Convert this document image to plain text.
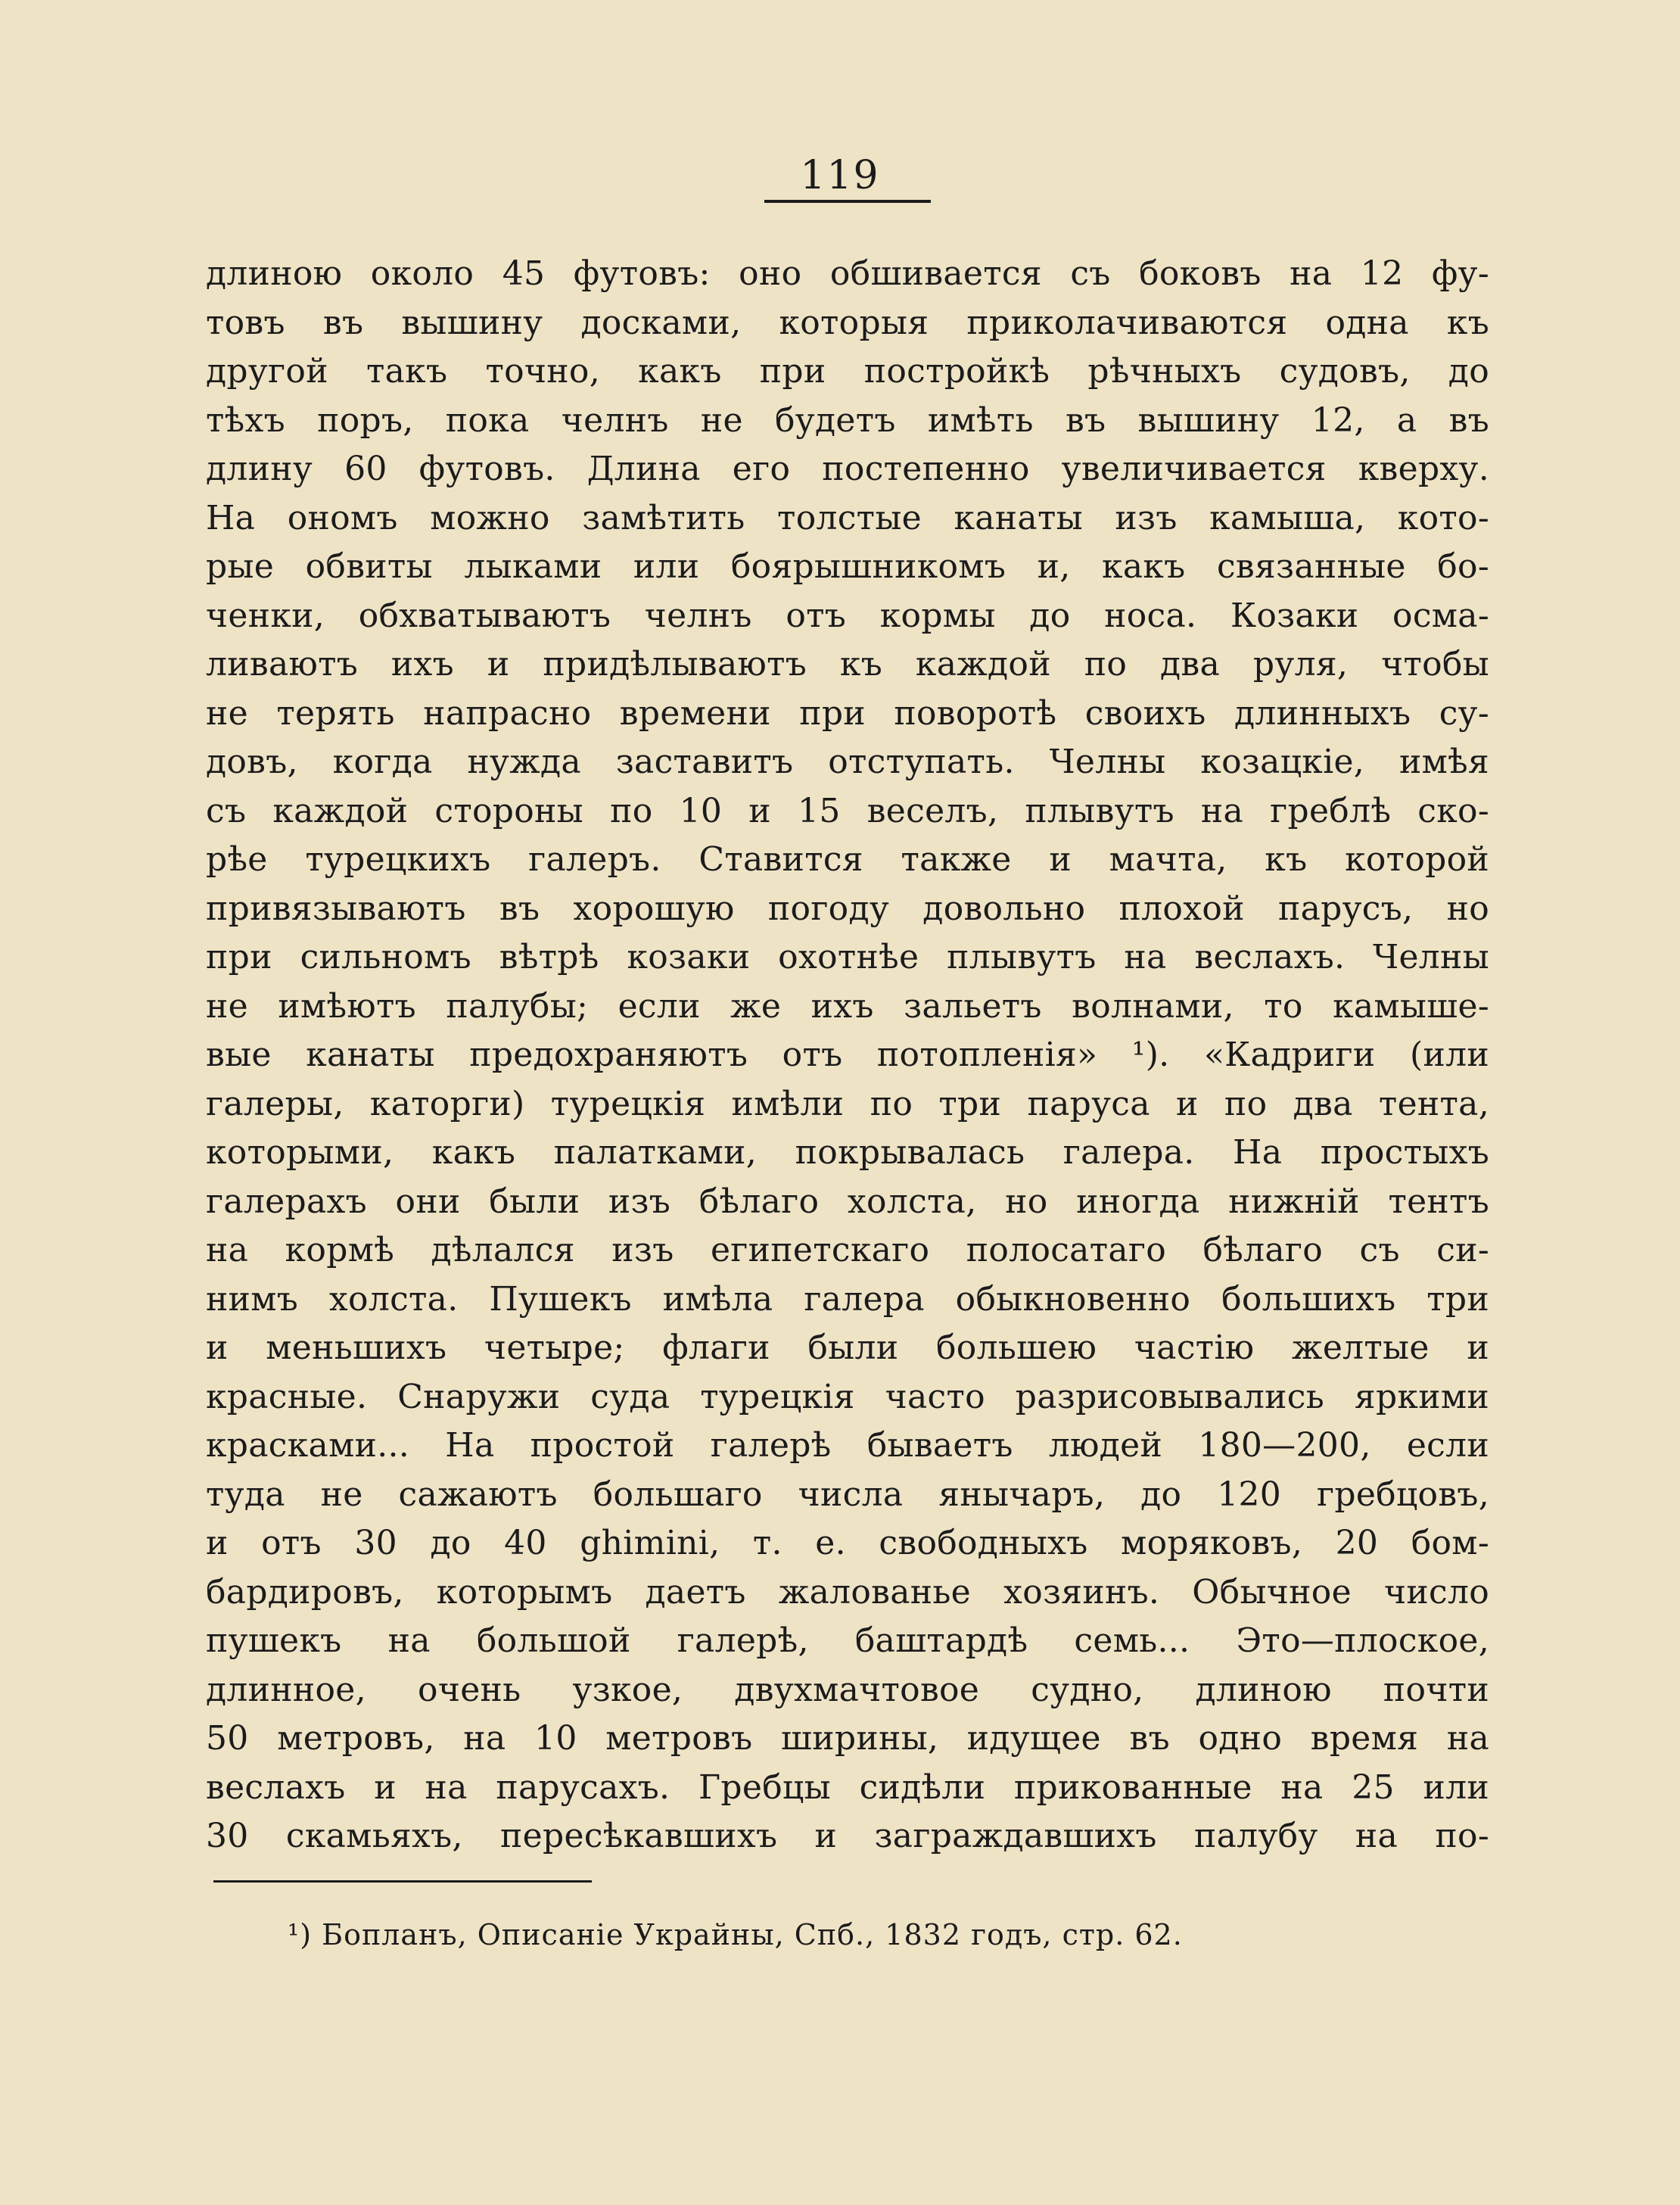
119
длиною около 45 футовъ: оно обшивается съ боковъ на 12 фу-
товъ въ вышину досками, которыя приколачиваются одна къ
другой такъ точно, какъ при постройкѣ рѣчныхъ судовъ, до
тѣхъ поръ, пока челнъ не будетъ имѣть въ вышину 12, а въ
длину 60 футовъ. Длина его постепенно увеличивается кверху.
На ономъ можно замѣтить толстые канаты изъ камыша, кото-
рые обвиты лыками или боярышникомъ и, какъ связанные бо-
ченки, обхватываютъ челнъ отъ кормы до носа. Козаки осма-
ливаютъ ихъ и придѣлываютъ къ каждой по два руля, чтобы
не терять напрасно времени при поворотѣ своихъ длинныхъ су-
довъ, когда нужда заставитъ отступать. Челны козацкіе, имѣя
съ каждой стороны по 10 и 15 веселъ, плывутъ на греблѣ ско-
рѣе турецкихъ галеръ. Ставится также и мачта, къ которой
привязываютъ въ хорошую погоду довольно плохой парусъ, но
при сильномъ вѣтрѣ козаки охотнѣе плывутъ на веслахъ. Челны
не имѣютъ палубы; если же ихъ зальетъ волнами, то камыше-
вые канаты предохраняютъ отъ потопленія» ¹). «Кадриги (или
галеры, каторги) турецкія имѣли по три паруса и по два тента,
которыми, какъ палатками, покрывалась галера. На простыхъ
галерахъ они были изъ бѣлаго холста, но иногда нижній тентъ
на кормѣ дѣлался изъ египетскаго полосатаго бѣлаго съ си-
нимъ холста. Пушекъ имѣла галера обыкновенно большихъ три
и меньшихъ четыре; флаги были большею частію желтые и
красные. Снаружи суда турецкія часто разрисовывались яркими
красками... На простой галерѣ бываетъ людей 180—200, если
туда не сажаютъ большаго числа янычаръ, до 120 гребцовъ,
и отъ 30 до 40 ghimini, т. е. свободныхъ моряковъ, 20 бом-
бардировъ, которымъ даетъ жалованье хозяинъ. Обычное число
пушекъ на большой галерѣ, баштардѣ семь... Это—плоское,
длинное, очень узкое, двухмачтовое судно, длиною почти
50 метровъ, на 10 метровъ ширины, идущее въ одно время на
веслахъ и на парусахъ. Гребцы сидѣли прикованные на 25 или
30 скамьяхъ, пересѣкавшихъ и заграждавшихъ палубу на по-
¹) Бопланъ, Описаніе Украйны, Спб., 1832 годъ, стр. 62.
